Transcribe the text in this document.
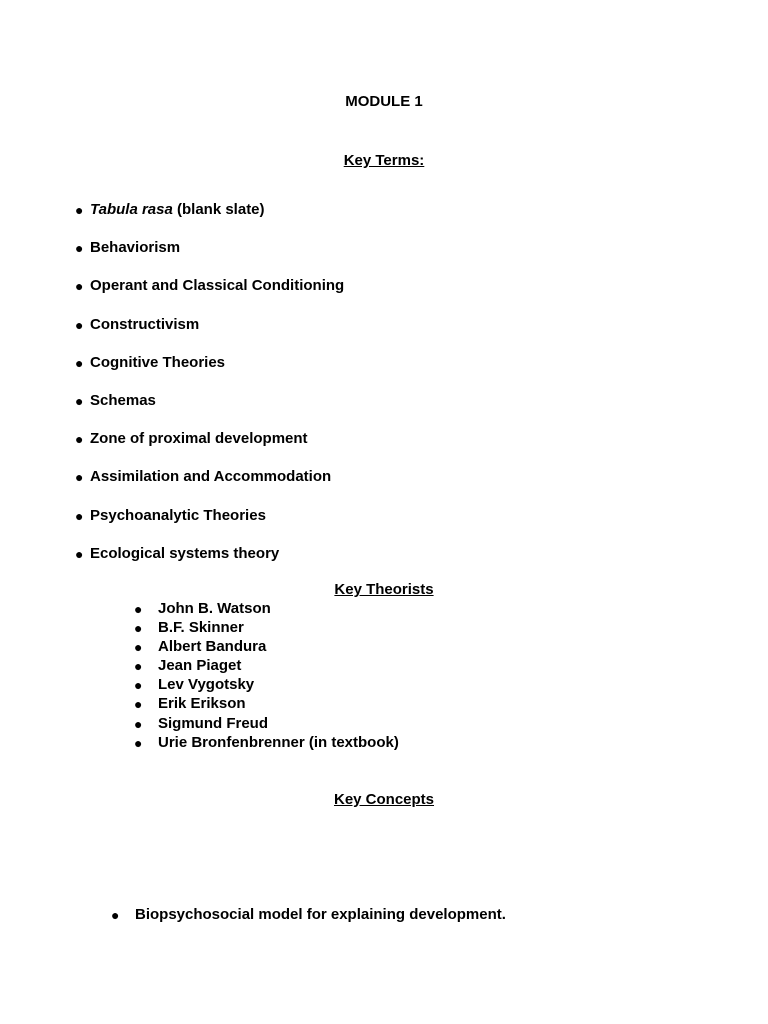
MODULE 1
Key Terms:
● Tabula rasa (blank slate)
● Behaviorism
● Operant and Classical Conditioning
● Constructivism
● Cognitive Theories
● Schemas
● Zone of proximal development
● Assimilation and Accommodation
● Psychoanalytic Theories
● Ecological systems theory
Key Theorists
● John B. Watson
● B.F. Skinner
● Albert Bandura
● Jean Piaget
● Lev Vygotsky
● Erik Erikson
● Sigmund Freud
● Urie Bronfenbrenner (in textbook)
Key Concepts
● Biopsychosocial model for explaining development.
